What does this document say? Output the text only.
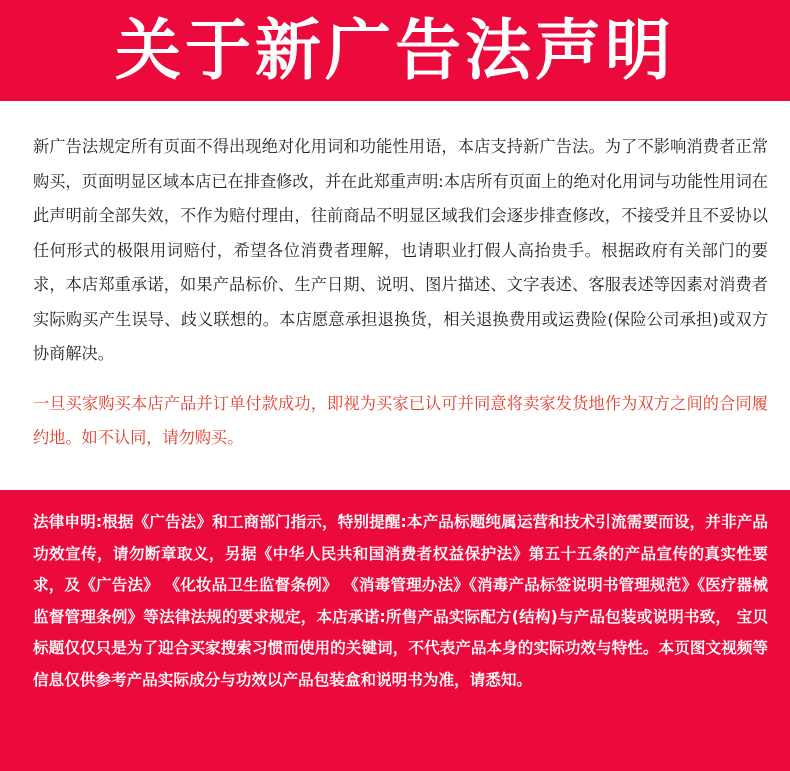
关于新广告法声明

新广告法规定所有页面不得出现绝对化用词和功能性用语，本店支持新广告法。为了不影响消费者正常购买，页面明显区域本店已在排查修改，并在此郑重声明:本店所有页面上的绝对化用词与功能性用词在此声明前全部失效，不作为赔付理由，往前商品不明显区域我们会逐步排查修改，不接受并且不妥协以任何形式的极限用词赔付，希望各位消费者理解，也请职业打假人高抬贵手。根据政府有关部门的要求，本店郑重承诺，如果产品标价、生产日期、说明、图片描述、文字表述、客服表述等因素对消费者实际购买产生误导、歧义联想的。本店愿意承担退换货，相关退换费用或运费险(保险公司承担)或双方协商解决。

一旦买家购买本店产品并订单付款成功，即视为买家已认可并同意将卖家发货地作为双方之间的合同履约地。如不认同，请勿购买。

法律申明:根据《广告法》和工商部门指示，特别提醒:本产品标题纯属运营和技术引流需要而设，并非产品功效宣传，请勿断章取义，另据《中华人民共和国消费者权益保护法》第五十五条的产品宣传的真实性要求，及《广告法》 《化妆品卫生监督条例》 《消毒管理办法》《消毒产品标签说明书管理规范》《医疗器械监督管理条例》等法律法规的要求规定，本店承诺:所售产品实际配方(结构)与产品包装或说明书致， 宝贝标题仅仅只是为了迎合买家搜索习惯而使用的关键词，不代表产品本身的实际功效与特性。本页图文视频等信息仅供参考产品实际成分与功效以产品包装盒和说明书为准，请悉知。
